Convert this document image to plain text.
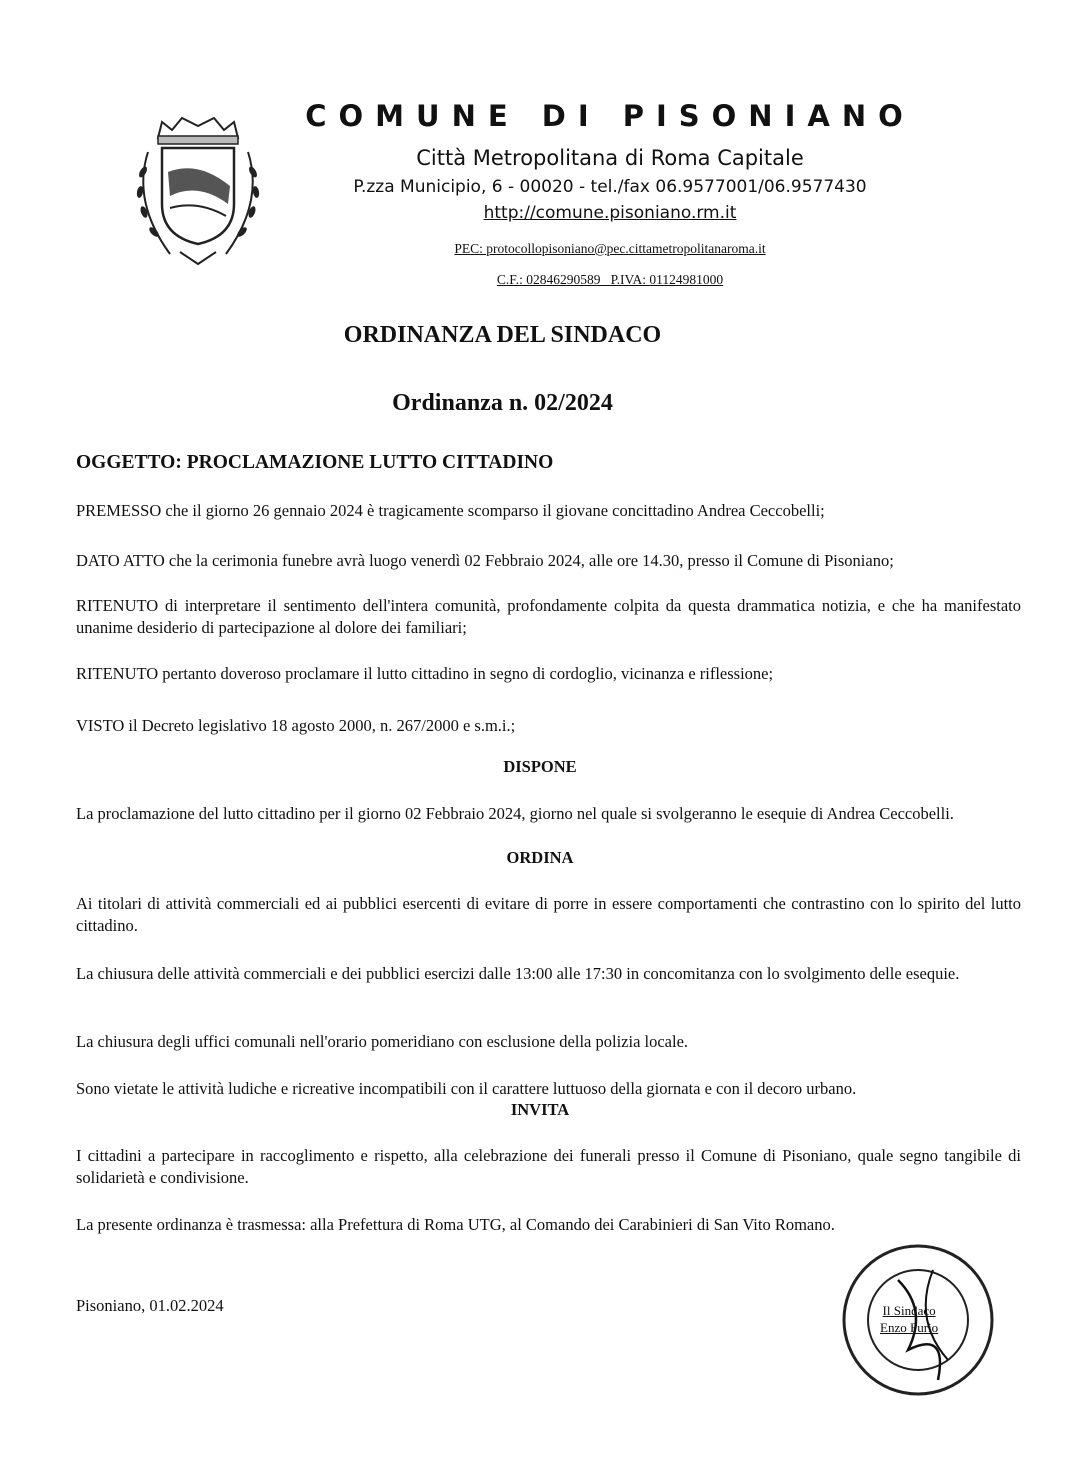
COMUNE DI PISONIANO

Città Metropolitana di Roma Capitale

P.zza Municipio, 6 - 00020 - tel./fax 06.9577001/06.9577430

http://comune.pisoniano.rm.it

PEC: protocollopisoniano@pec.cittametropolitanaroma.it

C.F.: 02846290589   P.IVA: 01124981000

ORDINANZA DEL SINDACO
Ordinanza n. 02/2024

OGGETTO: PROCLAMAZIONE LUTTO CITTADINO

PREMESSO che il giorno 26 gennaio 2024 è tragicamente scomparso il giovane concittadino Andrea Ceccobelli;

DATO ATTO che la cerimonia funebre avrà luogo venerdì 02 Febbraio 2024, alle ore 14.30, presso il Comune di Pisoniano;

RITENUTO di interpretare il sentimento dell'intera comunità, profondamente colpita da questa drammatica notizia, e che ha manifestato unanime desiderio di partecipazione al dolore dei familiari;

RITENUTO pertanto doveroso proclamare il lutto cittadino in segno di cordoglio, vicinanza e riflessione;

VISTO il Decreto legislativo 18 agosto 2000, n. 267/2000 e s.m.i.;

DISPONE

La proclamazione del lutto cittadino per il giorno 02 Febbraio 2024, giorno nel quale si svolgeranno le esequie di Andrea Ceccobelli.

ORDINA

Ai titolari di attività commerciali ed ai pubblici esercenti di evitare di porre in essere comportamenti che contrastino con lo spirito del lutto cittadino.

La chiusura delle attività commerciali e dei pubblici esercizi dalle 13:00 alle 17:30 in concomitanza con lo svolgimento delle esequie.

La chiusura degli uffici comunali nell'orario pomeridiano con esclusione della polizia locale.

Sono vietate le attività ludiche e ricreative incompatibili con il carattere luttuoso della giornata e con il decoro urbano.

INVITA

I cittadini a partecipare in raccoglimento e rispetto, alla celebrazione dei funerali presso il Comune di Pisoniano, quale segno tangibile di solidarietà e condivisione.

La presente ordinanza è trasmessa: alla Prefettura di Roma UTG, al Comando dei Carabinieri di San Vito Romano.

Pisoniano, 01.02.2024	Il Sindaco
Enzo Furio
